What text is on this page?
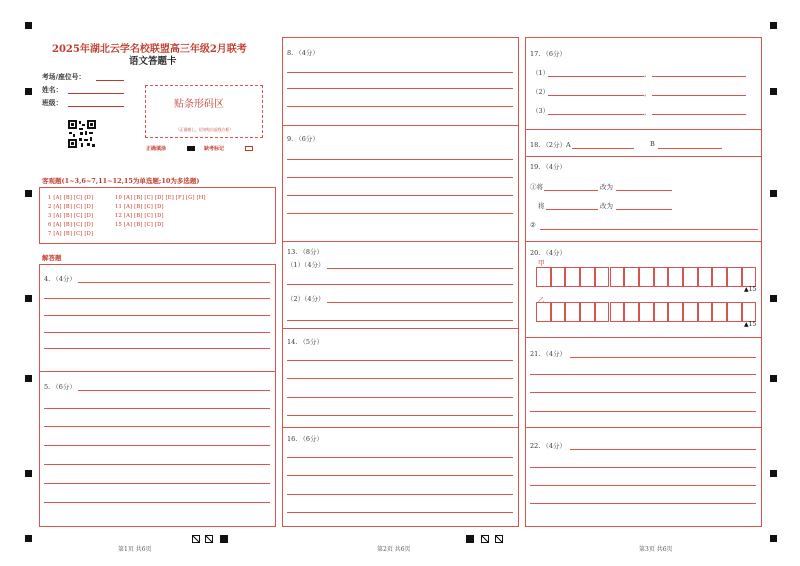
2025年湖北云学名校联盟高三年级2月联考
语文答题卡
考场/座位号：
姓名：
班级：	贴条形码区
（正面朝上，切勿贴出虚线方框）
正确填涂	缺考标记
客观题(1~3,6~7,11~12,15为单选题;10为多选题)
1 [A] [B] [C] [D]
2 [A] [B] [C] [D]
3 [A] [B] [C] [D]
6 [A] [B] [C] [D]
7 [A] [B] [C] [D]
10 [A] [B] [C] [D] [E] [F] [G] [H]
11 [A] [B] [C] [D]
12 [A] [B] [C] [D]
15 [A] [B] [C] [D]
解答题
4. （4分）
5. （6分）
8. （4分）
9. （6分）
13. （8分）
（1）（4分）
（2）（4分）
14. （5分）
16. （6分）
17. （6分）
（1）	，
（2）	，
（3）	，
18. （2分）A	B
19. （4分）
①将	改为
将	改为
②
20. （4分）
甲
▲15
乙
▲15
21. （4分）
22. （4分）
第1页 共6页	第2页 共6页	第3页 共6页
